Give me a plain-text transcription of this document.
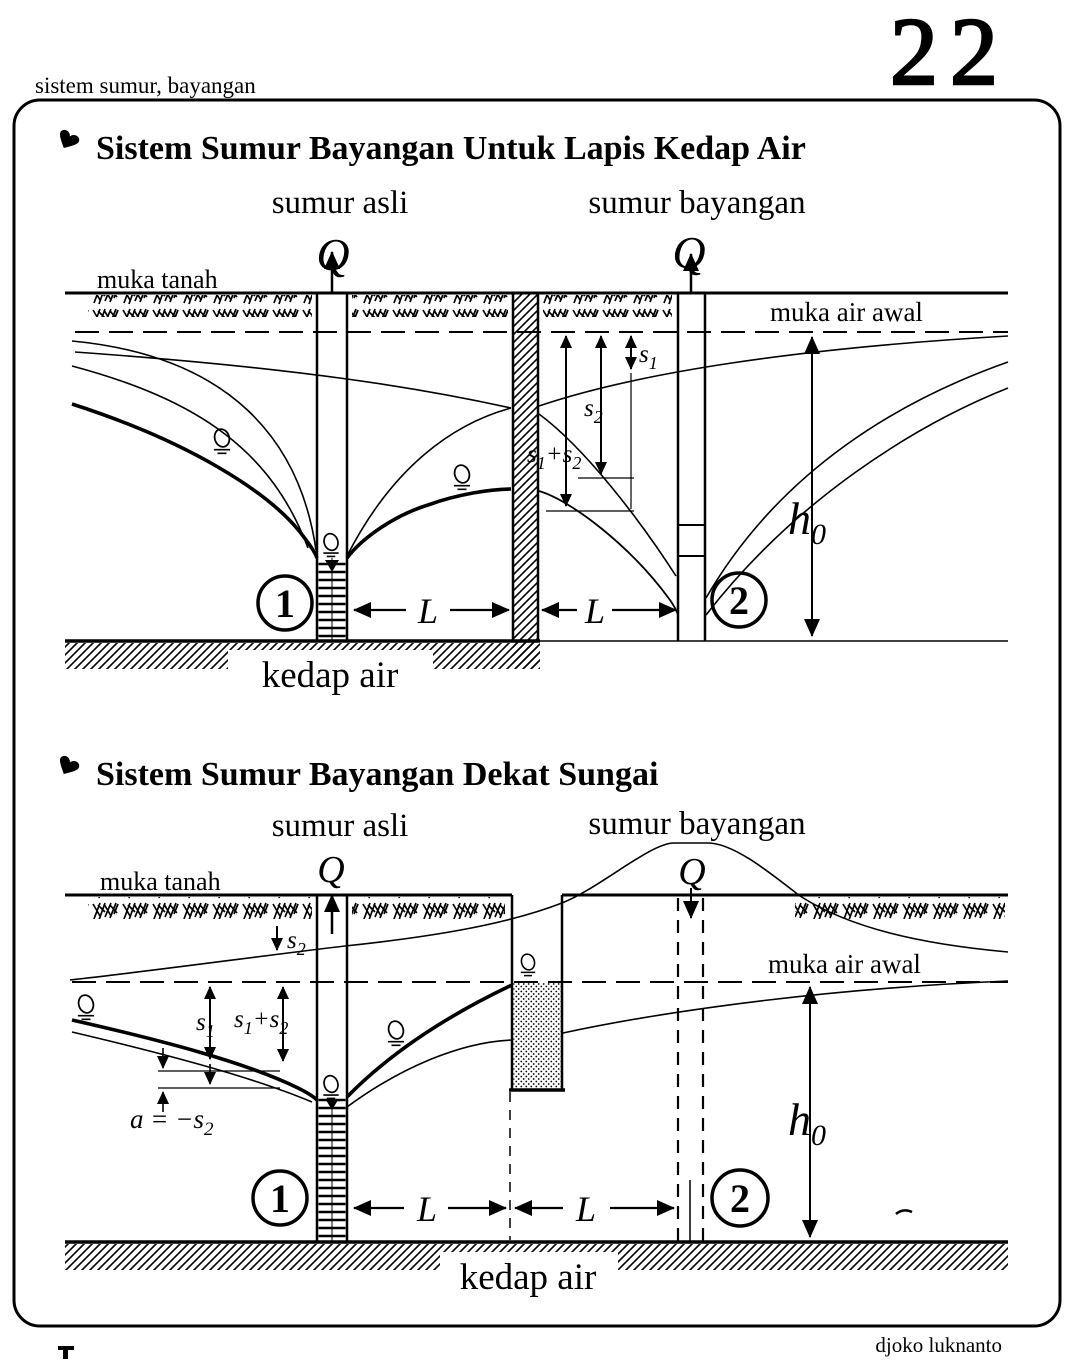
sistem sumur, bayangan	22
djoko luknanto
Sistem Sumur Bayangan Untuk Lapis Kedap Air
sumur asli	sumur bayangan
Q	Q
muka tanah
muka air awal
$s_1$
$s_2$
$s_1+s_2$
$h_0$
1	2
L	L
kedap air
Sistem Sumur Bayangan Dekat Sungai
sumur asli	sumur bayangan
Q	Q
muka tanah
muka air awal
$s_2$
$s_1$ $s_1+s_2$
$a = -s_2$	$h_0$
1	2
L	L
kedap air
